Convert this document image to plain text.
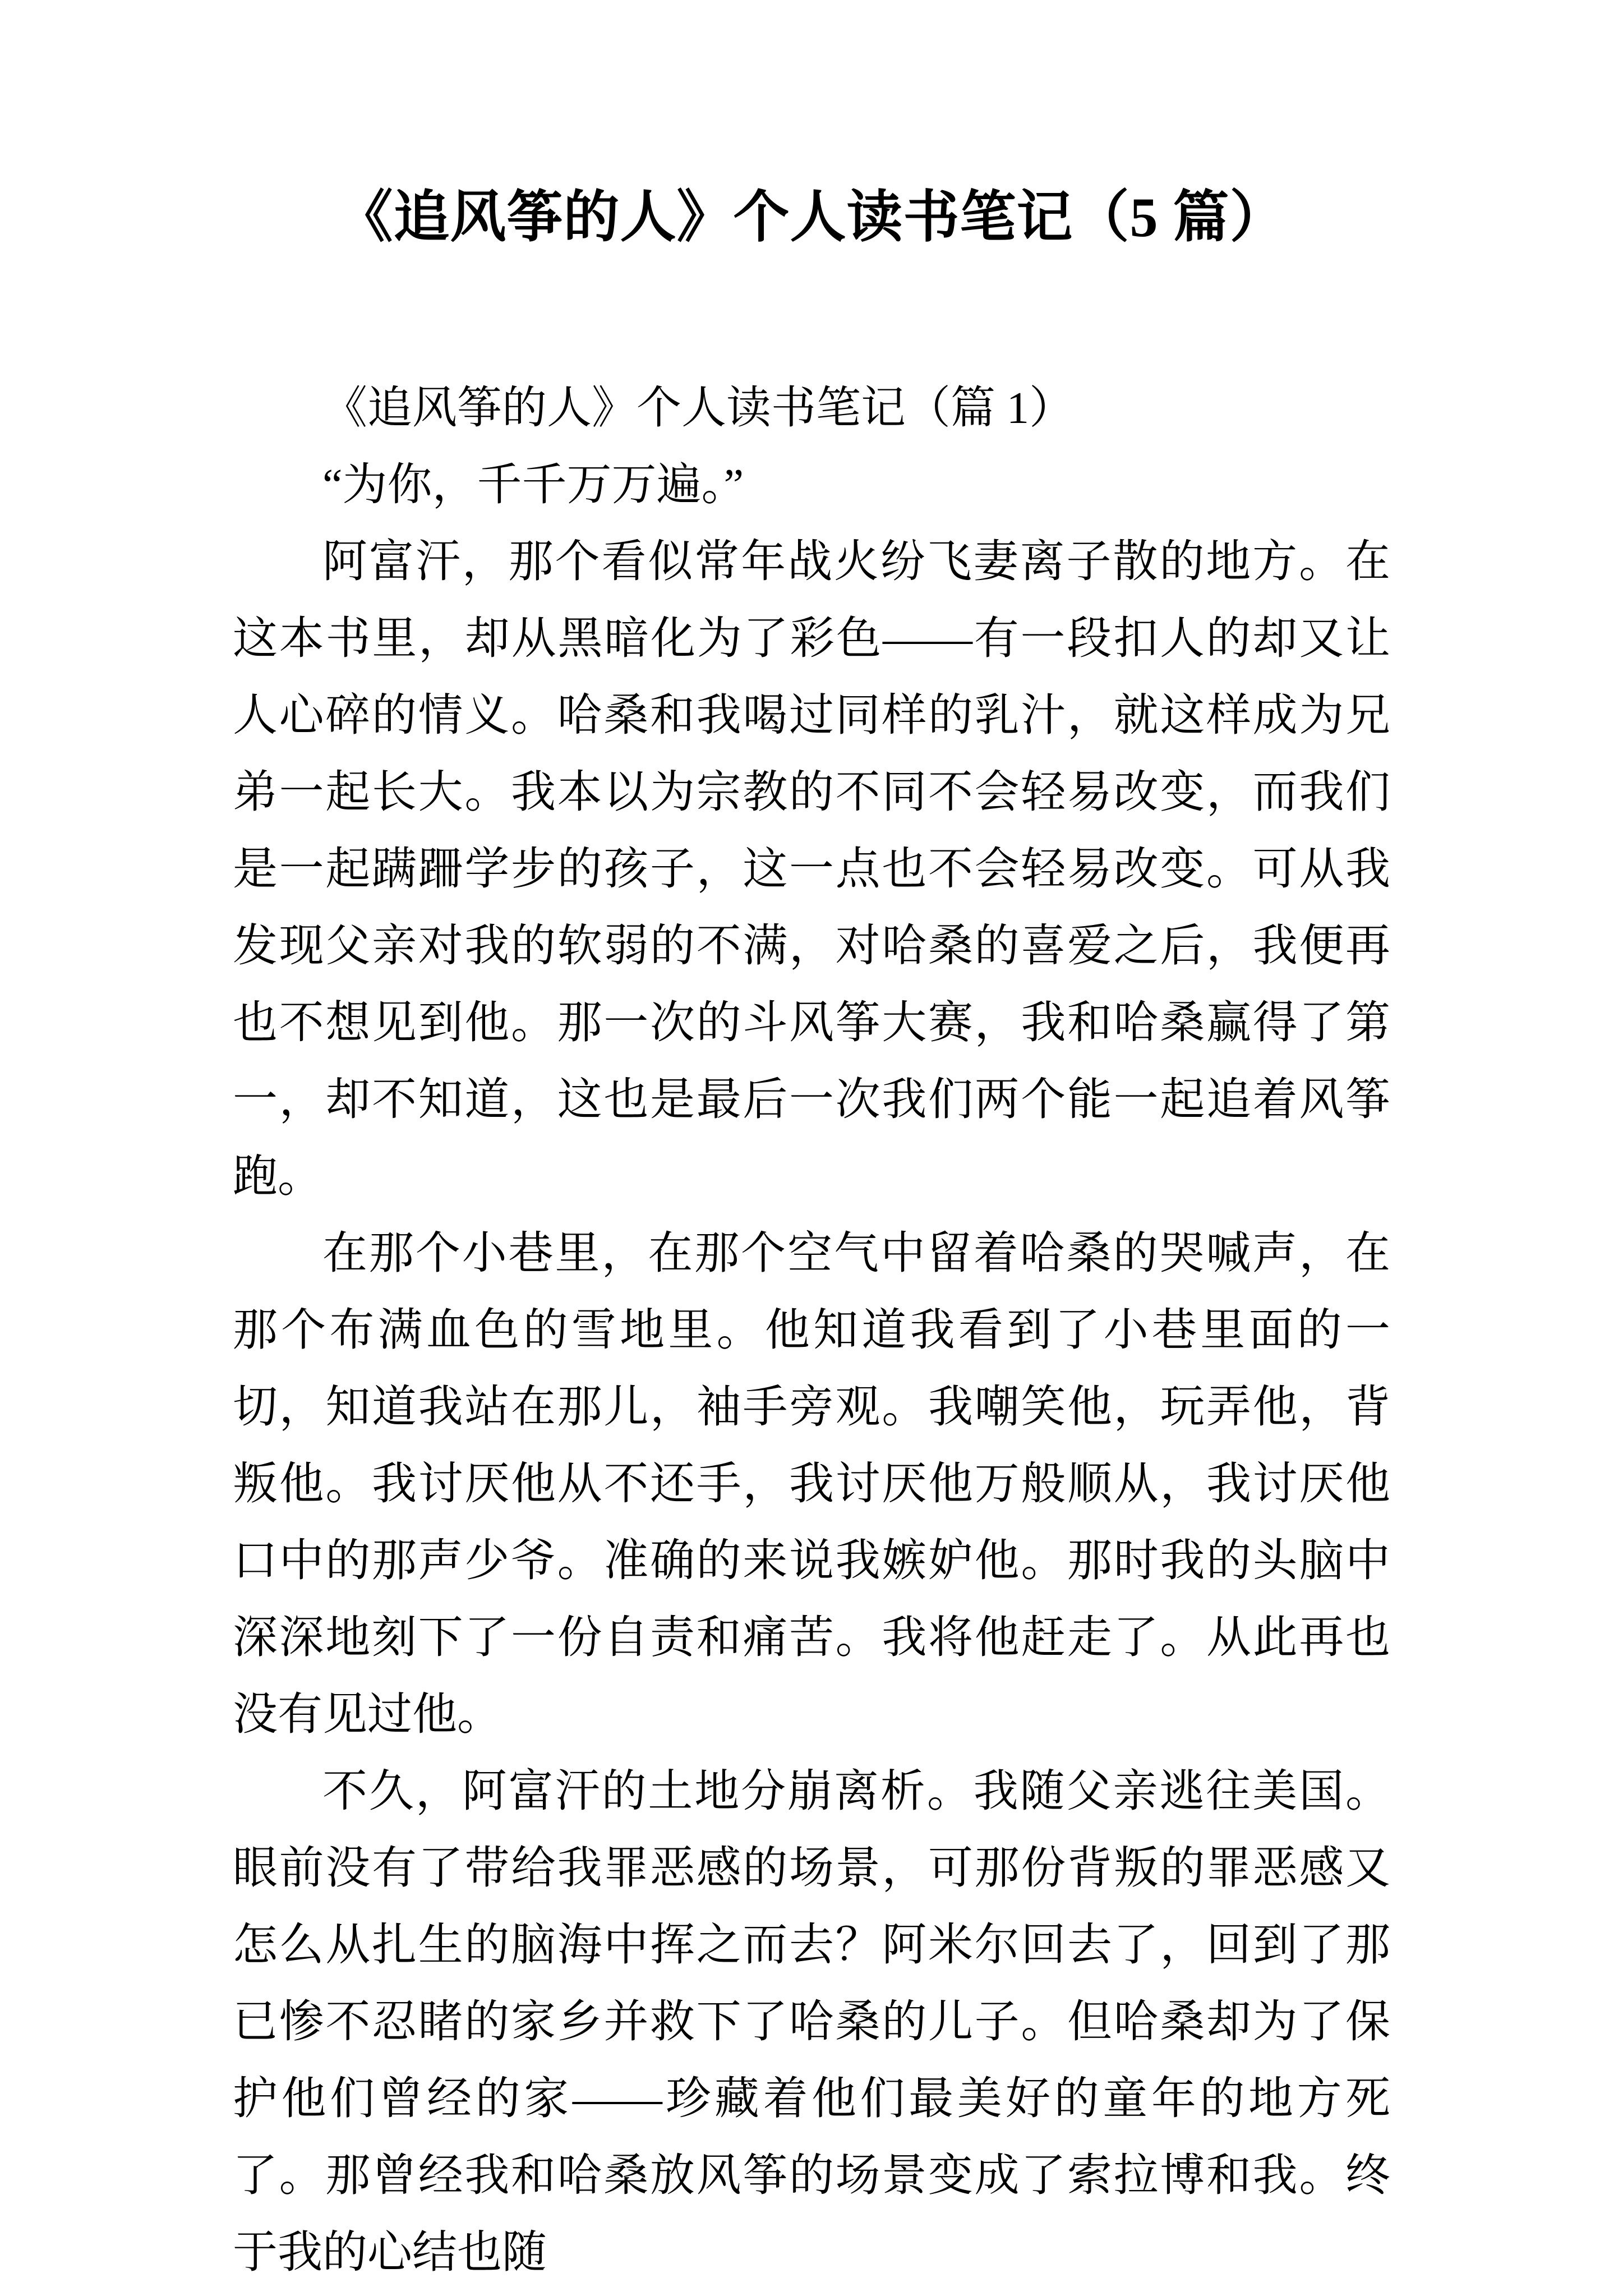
《追风筝的人》个人读书笔记（5 篇）

《追风筝的人》个人读书笔记（篇 1）

“为你，千千万万遍。”

阿富汗，那个看似常年战火纷飞妻离子散的地方。在这本书里，却从黑暗化为了彩色——有一段扣人的却又让人心碎的情义。哈桑和我喝过同样的乳汁，就这样成为兄弟一起长大。我本以为宗教的不同不会轻易改变，而我们是一起蹒跚学步的孩子，这一点也不会轻易改变。可从我发现父亲对我的软弱的不满，对哈桑的喜爱之后，我便再也不想见到他。那一次的斗风筝大赛，我和哈桑赢得了第一，却不知道，这也是最后一次我们两个能一起追着风筝跑。

在那个小巷里，在那个空气中留着哈桑的哭喊声，在那个布满血色的雪地里。他知道我看到了小巷里面的一切，知道我站在那儿，袖手旁观。我嘲笑他，玩弄他，背叛他。我讨厌他从不还手，我讨厌他万般顺从，我讨厌他口中的那声少爷。准确的来说我嫉妒他。那时我的头脑中深深地刻下了一份自责和痛苦。我将他赶走了。从此再也没有见过他。

不久，阿富汗的土地分崩离析。我随父亲逃往美国。眼前没有了带给我罪恶感的场景，可那份背叛的罪恶感又怎么从扎生的脑海中挥之而去？阿米尔回去了，回到了那已惨不忍睹的家乡并救下了哈桑的儿子。但哈桑却为了保护他们曾经的家——珍藏着他们最美好的童年的地方死了。那曾经我和哈桑放风筝的场景变成了索拉博和我。终于我的心结也随
